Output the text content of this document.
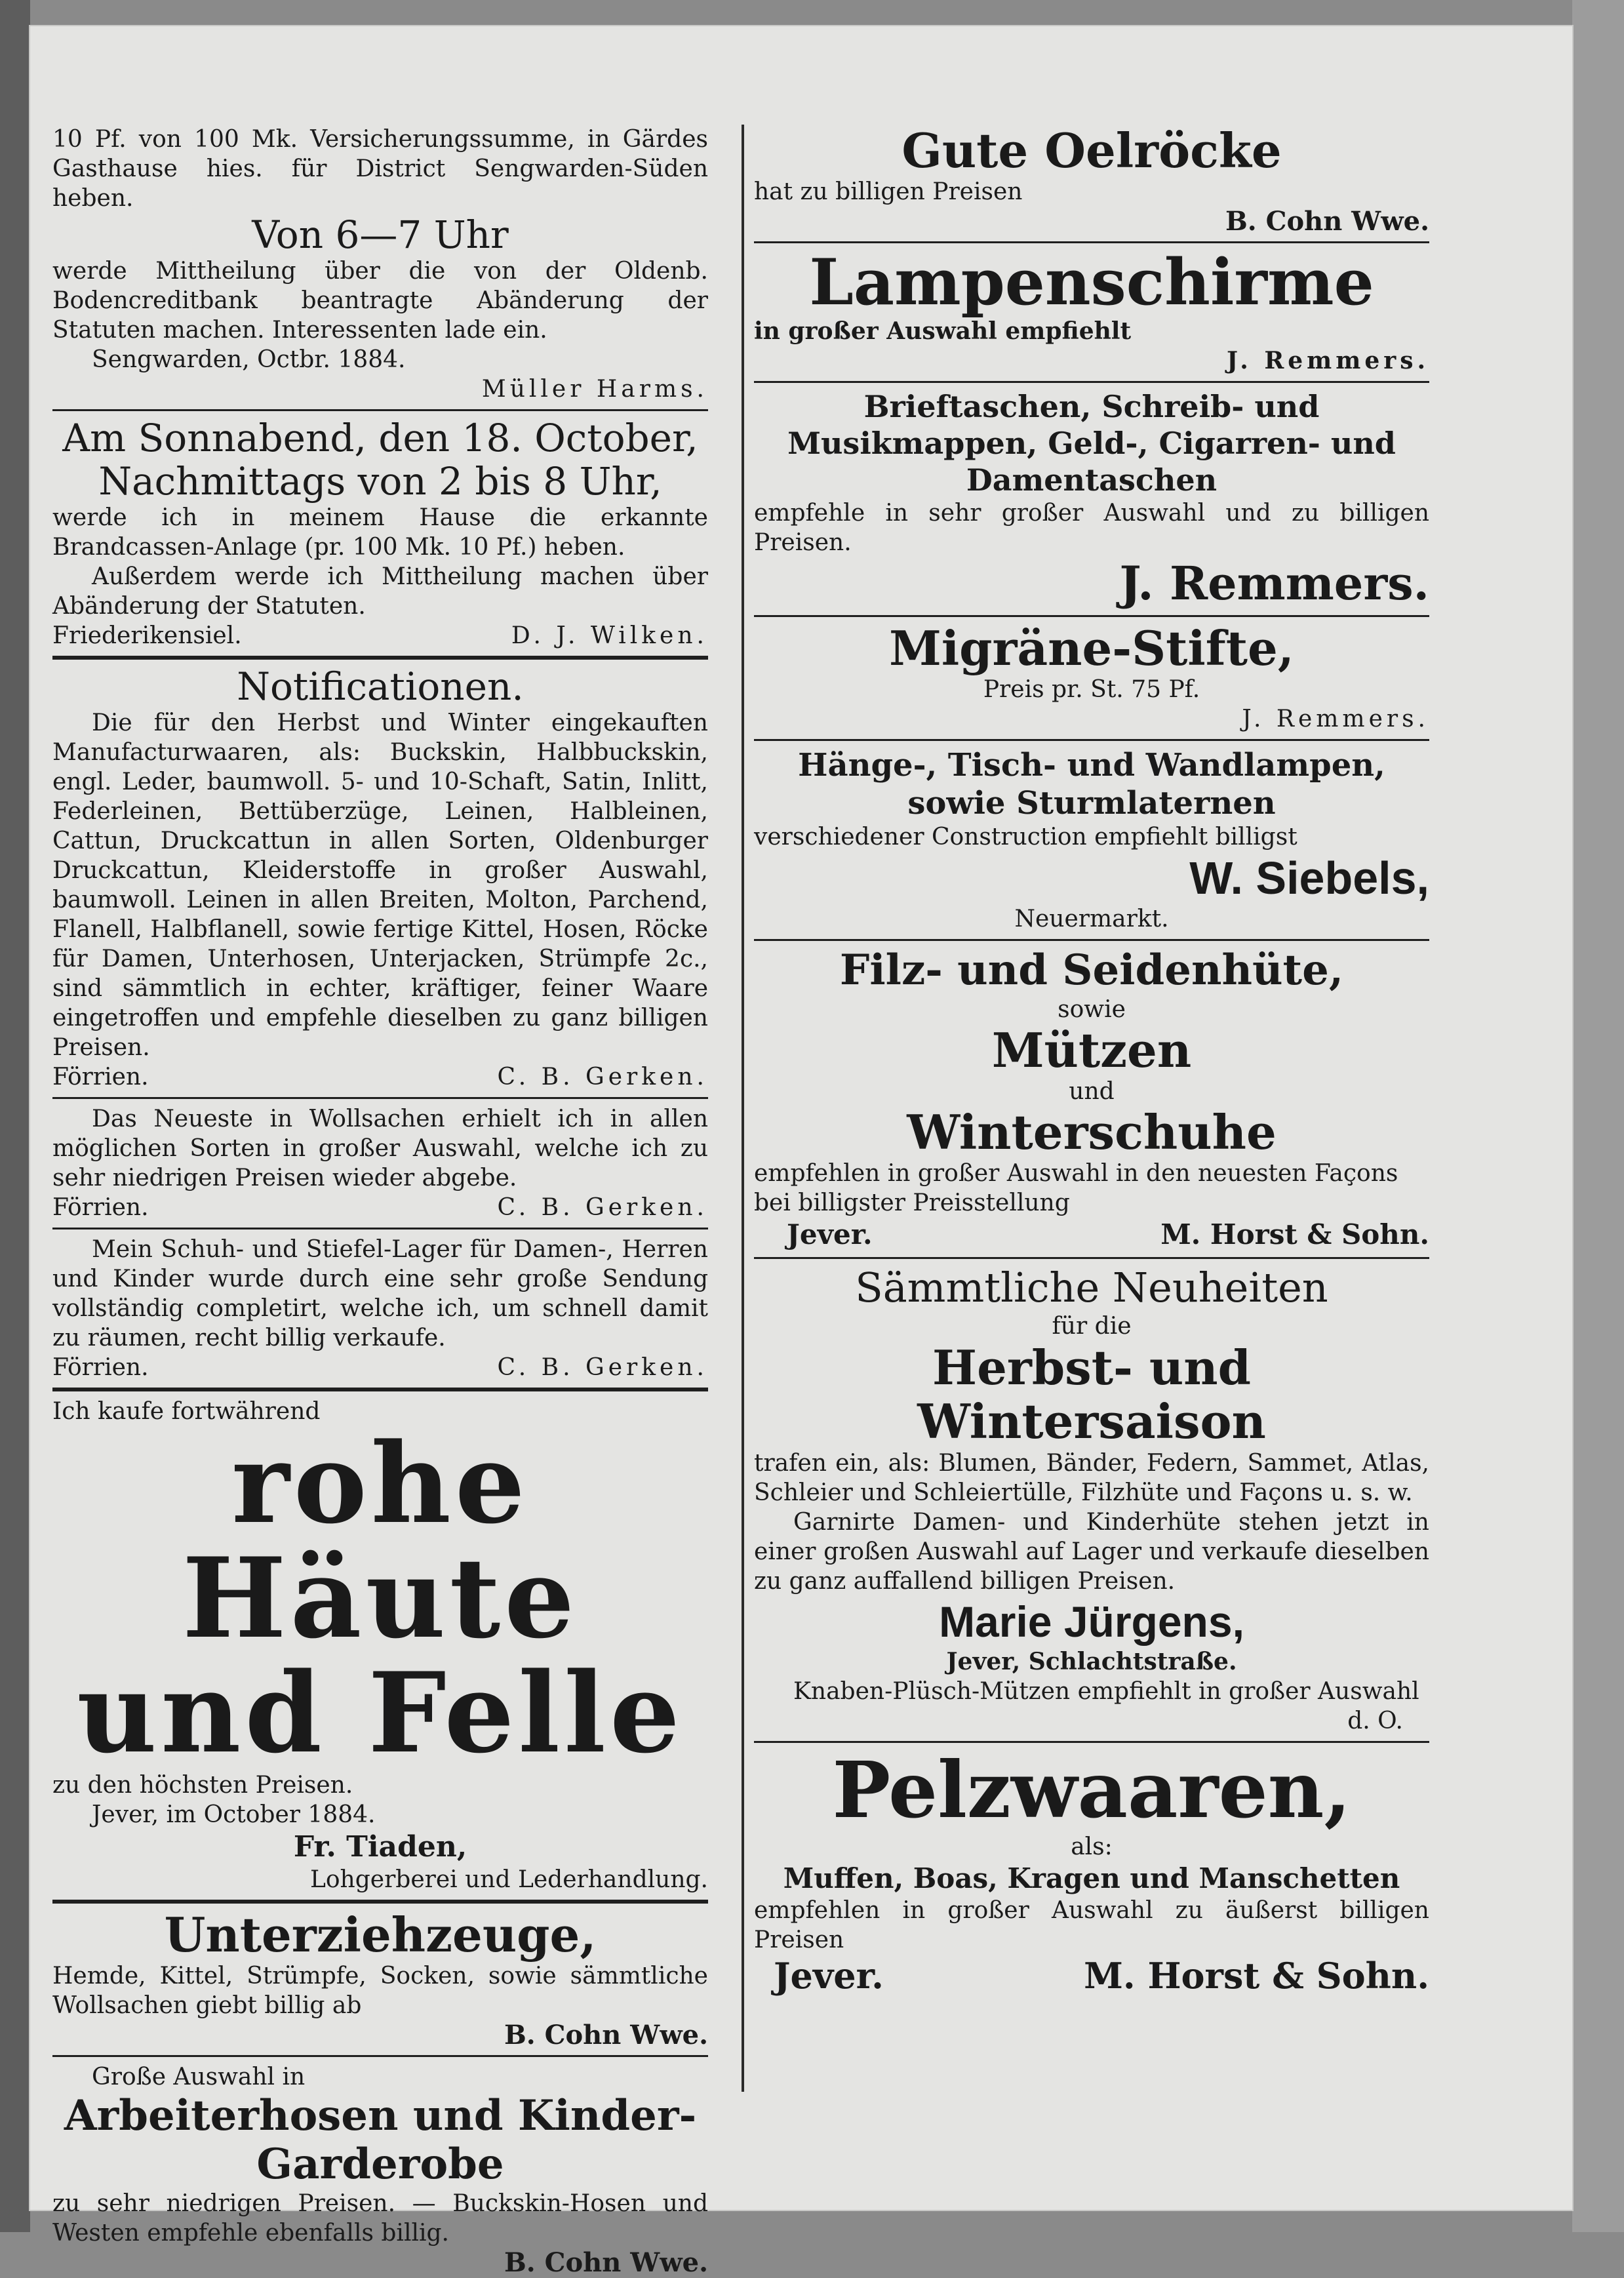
10 Pf. von 100 Mk. Versicherungssumme, in Gärdes Gasthause hies. für District Sengwarden-Süden heben.

Von 6—7 Uhr

werde Mittheilung über die von der Oldenb. Bodencreditbank beantragte Abänderung der Statuten machen. Interessenten lade ein.

Sengwarden, Octbr. 1884.

Müller Harms.

Am Sonnabend, den 18. October,

Nachmittags von 2 bis 8 Uhr,

werde ich in meinem Hause die erkannte Brandcassen-Anlage (pr. 100 Mk. 10 Pf.) heben.

Außerdem werde ich Mittheilung machen über Abänderung der Statuten.

Friederikensiel.	D. J. Wilken.

Notificationen.

Die für den Herbst und Winter eingekauften Manufacturwaaren, als: Buckskin, Halbbuckskin, engl. Leder, baumwoll. 5- und 10-Schaft, Satin, Inlitt, Federleinen, Bettüberzüge, Leinen, Halbleinen, Cattun, Druckcattun in allen Sorten, Oldenburger Druckcattun, Kleiderstoffe in großer Auswahl, baumwoll. Leinen in allen Breiten, Molton, Parchend, Flanell, Halbflanell, sowie fertige Kittel, Hosen, Röcke für Damen, Unterhosen, Unterjacken, Strümpfe 2c., sind sämmtlich in echter, kräftiger, feiner Waare eingetroffen und empfehle dieselben zu ganz billigen Preisen.

Förrien.	C. B. Gerken.

Das Neueste in Wollsachen erhielt ich in allen möglichen Sorten in großer Auswahl, welche ich zu sehr niedrigen Preisen wieder abgebe.

Förrien.	C. B. Gerken.

Mein Schuh- und Stiefel-Lager für Damen-, Herren und Kinder wurde durch eine sehr große Sendung vollständig completirt, welche ich, um schnell damit zu räumen, recht billig verkaufe.

Förrien.	C. B. Gerken.

Ich kaufe fortwährend

rohe Häute

und Felle

zu den höchsten Preisen.

Jever, im October 1884.

Fr. Tiaden,

Lohgerberei und Lederhandlung.

Unterziehzeuge,

Hemde, Kittel, Strümpfe, Socken, sowie sämmtliche Wollsachen giebt billig ab

B. Cohn Wwe.

Große Auswahl in

Arbeiterhosen und Kinder-

Garderobe

zu sehr niedrigen Preisen. — Buckskin-Hosen und Westen empfehle ebenfalls billig.

B. Cohn Wwe.

Gute Oelröcke

hat zu billigen Preisen

B. Cohn Wwe.

Lampenschirme

in großer Auswahl empfiehlt

J. Remmers.

Brieftaschen, Schreib- und Musikmappen, Geld-, Cigarren- und Damentaschen

empfehle in sehr großer Auswahl und zu billigen Preisen.

J. Remmers.

Migräne-Stifte,

Preis pr. St. 75 Pf.

J. Remmers.

Hänge-, Tisch- und Wandlampen,

sowie Sturmlaternen

verschiedener Construction empfiehlt billigst

W. Siebels,

Neuermarkt.

Filz- und Seidenhüte,

sowie

Mützen

und

Winterschuhe

empfehlen in großer Auswahl in den neuesten Façons bei billigster Preisstellung

Jever.	M. Horst & Sohn.

Sämmtliche Neuheiten

für die

Herbst- und Wintersaison

trafen ein, als: Blumen, Bänder, Federn, Sammet, Atlas, Schleier und Schleiertülle, Filzhüte und Façons u. s. w.

Garnirte Damen- und Kinderhüte stehen jetzt in einer großen Auswahl auf Lager und verkaufe dieselben zu ganz auffallend billigen Preisen.

Marie Jürgens,

Jever, Schlachtstraße.

Knaben-Plüsch-Mützen empfiehlt in großer Auswahl

d. O.

Pelzwaaren,

als:

Muffen, Boas, Kragen und Manschetten

empfehlen in großer Auswahl zu äußerst billigen Preisen

Jever.	M. Horst & Sohn.
